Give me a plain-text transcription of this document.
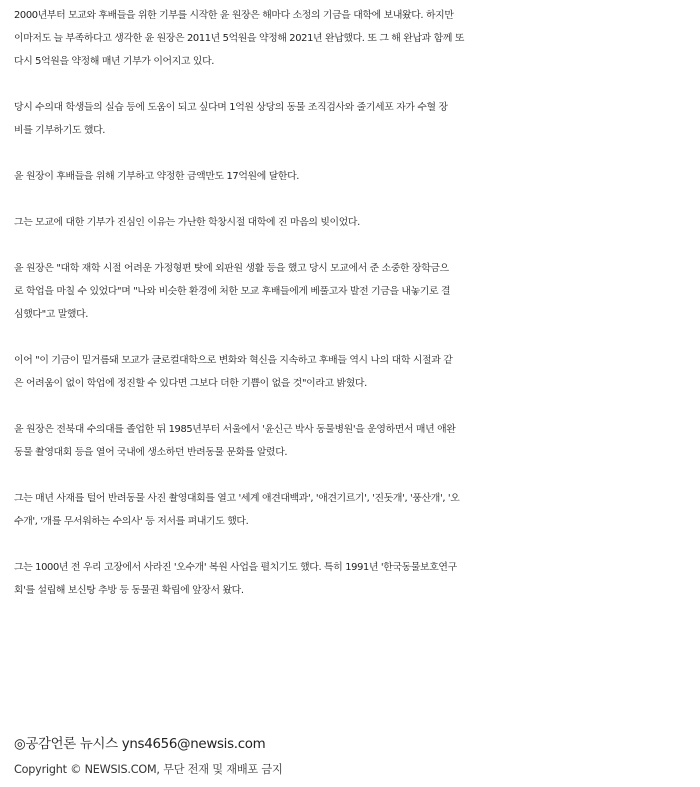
2000년부터 모교와 후배들을 위한 기부를 시작한 윤 원장은 해마다 소정의 기금을 대학에 보내왔다. 하지만
이마저도 늘 부족하다고 생각한 윤 원장은 2011년 5억원을 약정해 2021년 완납했다. 또 그 해 완납과 함께 또
다시 5억원을 약정해 매년 기부가 이어지고 있다.

당시 수의대 학생들의 실습 등에 도움이 되고 싶다며 1억원 상당의 동물 조직검사와 줄기세포 자가 수혈 장
비를 기부하기도 했다.

윤 원장이 후배들을 위해 기부하고 약정한 금액만도 17억원에 달한다.

그는 모교에 대한 기부가 진심인 이유는 가난한 학창시절 대학에 진 마음의 빚이었다.

윤 원장은 "대학 재학 시절 어려운 가정형편 탓에 외판원 생활 등을 했고 당시 모교에서 준 소중한 장학금으
로 학업을 마칠 수 있었다"며 "나와 비슷한 환경에 처한 모교 후배들에게 베풀고자 발전 기금을 내놓기로 결
심했다"고 말했다.

이어 "이 기금이 밑거름돼 모교가 글로컬대학으로 변화와 혁신을 지속하고 후배들 역시 나의 대학 시절과 같
은 어려움이 없이 학업에 정진할 수 있다면 그보다 더한 기쁨이 없을 것"이라고 밝혔다.

윤 원장은 전북대 수의대를 졸업한 뒤 1985년부터 서울에서 '윤신근 박사 동물병원'을 운영하면서 매년 애완
동물 촬영대회 등을 열어 국내에 생소하던 반려동물 문화를 알렸다.

그는 매년 사재를 털어 반려동물 사진 촬영대회를 열고 '세계 애견대백과', '애견기르기', '진돗개', '풍산개', '오
수개', '개를 무서워하는 수의사' 등 저서를 펴내기도 했다.

그는 1000년 전 우리 고장에서 사라진 '오수개' 복원 사업을 펼치기도 했다. 특히 1991년 '한국동물보호연구
회'를 설립해 보신탕 추방 등 동물권 확립에 앞장서 왔다.

◎공감언론 뉴시스 yns4656@newsis.com

Copyright © NEWSIS.COM, 무단 전재 및 재배포 금지
